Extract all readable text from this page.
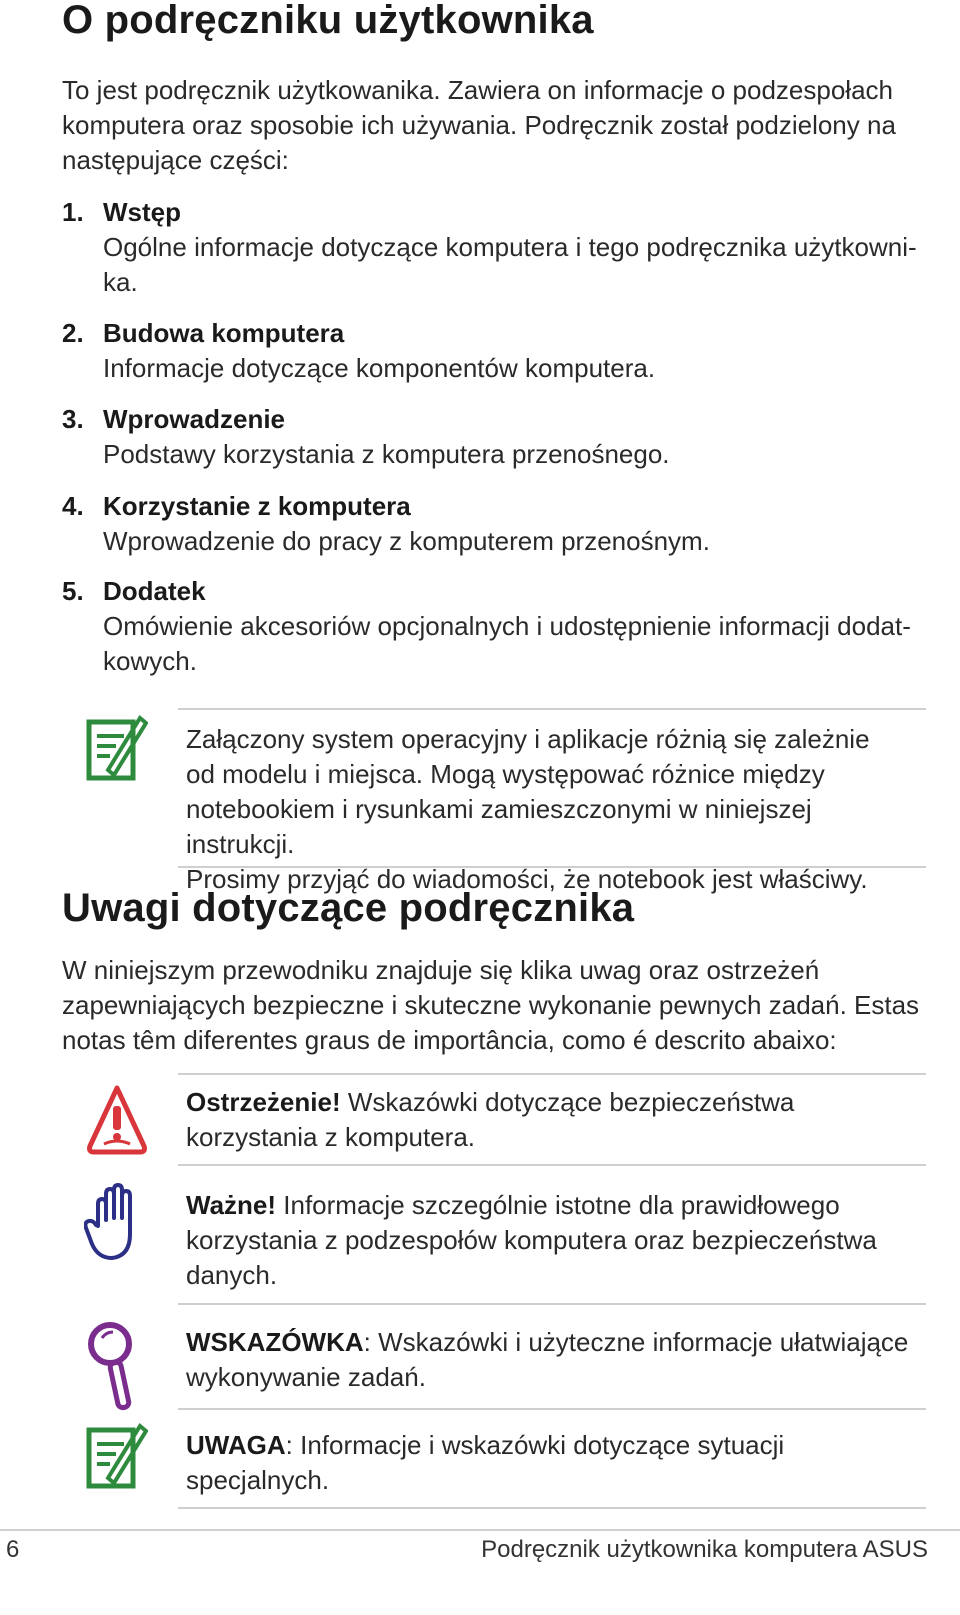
O podręczniku użytkownika
To jest podręcznik użytkowanika. Zawiera on informacje o podzespołach
komputera oraz sposobie ich używania. Podręcznik został podzielony na
następujące części:
1. Wstęp
Ogólne informacje dotyczące komputera i tego podręcznika użytkowni-
ka.
2. Budowa komputera
Informacje dotyczące komponentów komputera.
3. Wprowadzenie
Podstawy korzystania z komputera przenośnego.
4. Korzystanie z komputera
Wprowadzenie do pracy z komputerem przenośnym.
5. Dodatek
Omówienie akcesoriów opcjonalnych i udostępnienie informacji dodat-
kowych.

Załączony system operacyjny i aplikacje różnią się zależnie
od modelu i miejsca. Mogą występować różnice między
notebookiem i rysunkami zamieszczonymi w niniejszej instrukcji.
Prosimy przyjąć do wiadomości, że notebook jest właściwy.

Uwagi dotyczące podręcznika
W niniejszym przewodniku znajduje się klika uwag oraz ostrzeżeń
zapewniających bezpieczne i skuteczne wykonanie pewnych zadań. Estas
notas têm diferentes graus de importância, como é descrito abaixo:

Ostrzeżenie! Wskazówki dotyczące bezpieczeństwa
korzystania z komputera.

Ważne! Informacje szczególnie istotne dla prawidłowego
korzystania z podzespołów komputera oraz bezpieczeństwa
danych.

WSKAZÓWKA: Wskazówki i użyteczne informacje ułatwiające
wykonywanie zadań.

UWAGA: Informacje i wskazówki dotyczące sytuacji
specjalnych.

6	Podręcznik użytkownika komputera ASUS
